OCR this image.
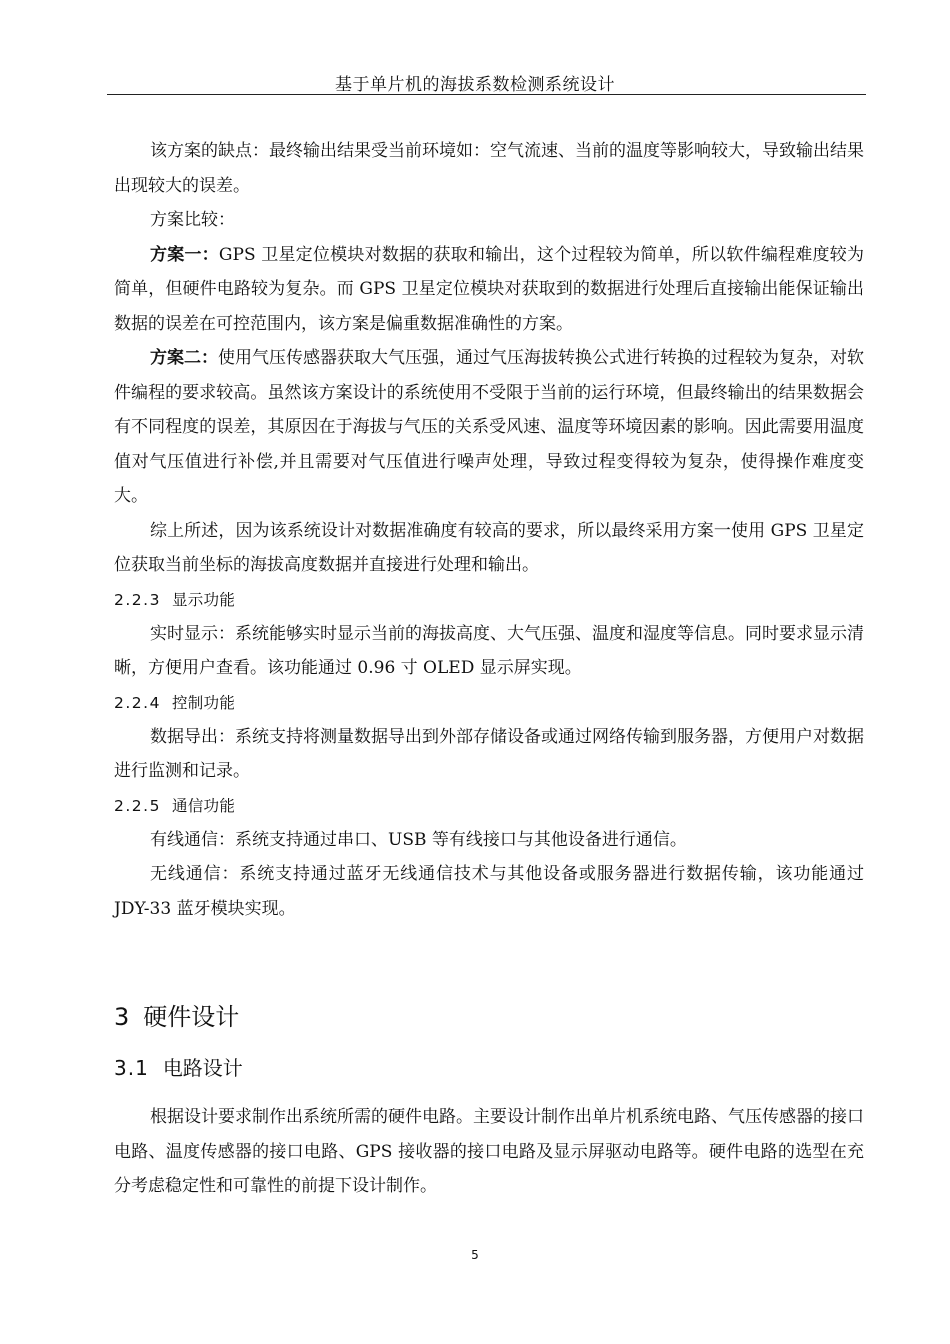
基于单片机的海拔系数检测系统设计

该方案的缺点：最终输出结果受当前环境如：空气流速、当前的温度等影响较大，导致输出结果出现较大的误差。

方案比较：

方案一：GPS 卫星定位模块对数据的获取和输出，这个过程较为简单，所以软件编程难度较为简单，但硬件电路较为复杂。而 GPS 卫星定位模块对获取到的数据进行处理后直接输出能保证输出数据的误差在可控范围内，该方案是偏重数据准确性的方案。

方案二：使用气压传感器获取大气压强，通过气压海拔转换公式进行转换的过程较为复杂，对软件编程的要求较高。虽然该方案设计的系统使用不受限于当前的运行环境，但最终输出的结果数据会有不同程度的误差，其原因在于海拔与气压的关系受风速、温度等环境因素的影响。因此需要用温度值对气压值进行补偿,并且需要对气压值进行噪声处理，导致过程变得较为复杂，使得操作难度变大。

综上所述，因为该系统设计对数据准确度有较高的要求，所以最终采用方案一使用 GPS 卫星定位获取当前坐标的海拔高度数据并直接进行处理和输出。

2.2.3 显示功能

实时显示：系统能够实时显示当前的海拔高度、大气压强、温度和湿度等信息。同时要求显示清晰，方便用户查看。该功能通过 0.96 寸 OLED 显示屏实现。

2.2.4 控制功能

数据导出：系统支持将测量数据导出到外部存储设备或通过网络传输到服务器，方便用户对数据进行监测和记录。

2.2.5 通信功能

有线通信：系统支持通过串口、USB 等有线接口与其他设备进行通信。

无线通信：系统支持通过蓝牙无线通信技术与其他设备或服务器进行数据传输，该功能通过 JDY-33 蓝牙模块实现。

3 硬件设计
3.1 电路设计

根据设计要求制作出系统所需的硬件电路。主要设计制作出单片机系统电路、气压传感器的接口电路、温度传感器的接口电路、GPS 接收器的接口电路及显示屏驱动电路等。硬件电路的选型在充分考虑稳定性和可靠性的前提下设计制作。

5
